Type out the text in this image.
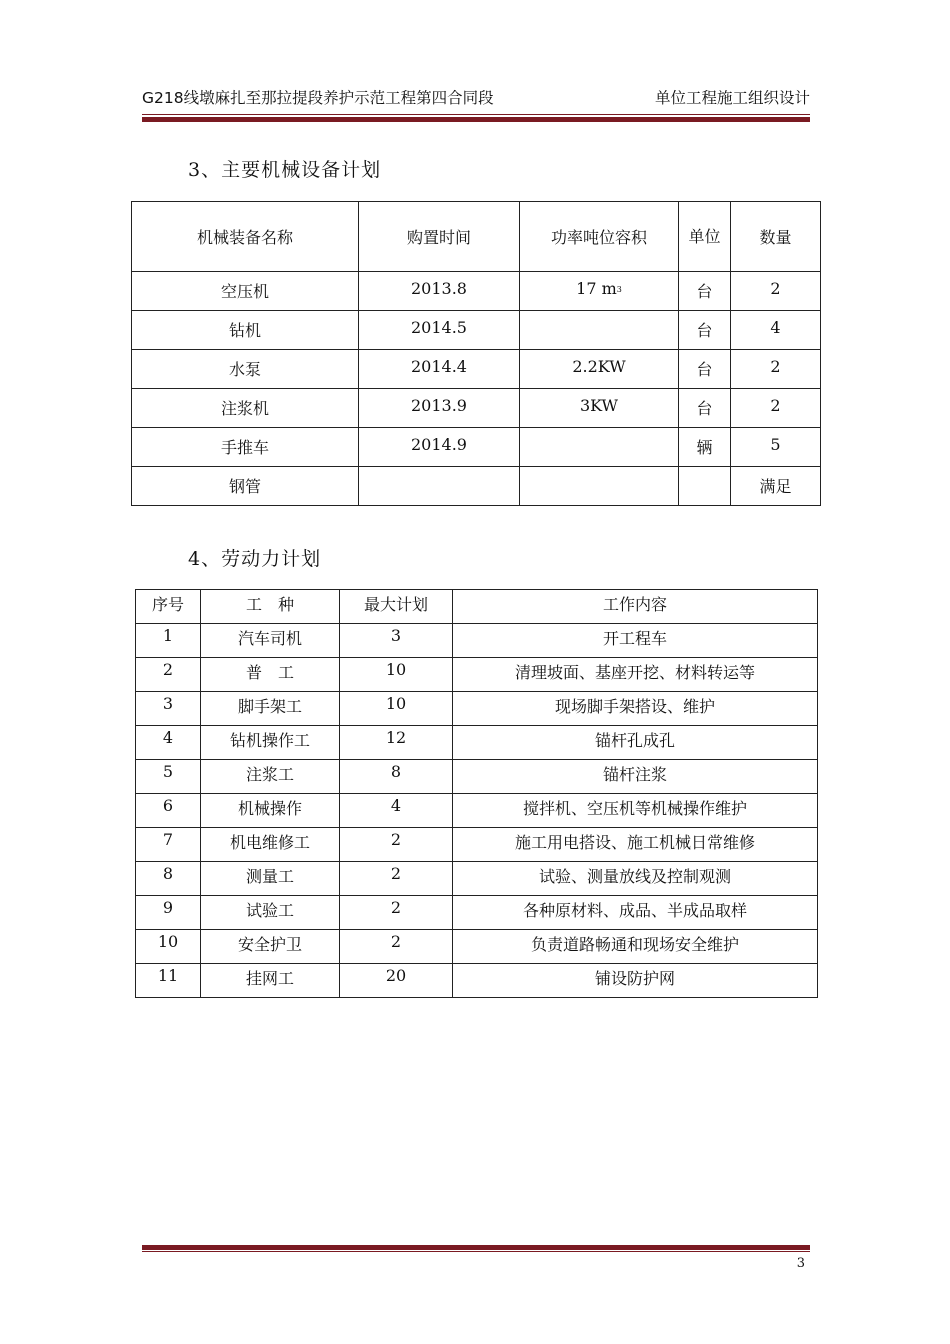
G218线墩麻扎至那拉提段养护示范工程第四合同段	单位工程施工组织设计
3、主要机械设备计划
机械装备名称	购置时间	功率吨位容积	单位	数量
空压机	2013.8	17 $m^3$	台	2
钻机	2014.5		台	4
水泵	2014.4	2.2KW	台	2
注浆机	2013.9	3KW	台	2
手推车	2014.9		辆	5
钢管				满足
4、劳动力计划
序号	工　种	最大计划	工作内容
1	汽车司机	3	开工程车
2	普　工	10	清理坡面、基座开挖、材料转运等
3	脚手架工	10	现场脚手架搭设、维护
4	钻机操作工	12	锚杆孔成孔
5	注浆工	8	锚杆注浆
6	机械操作	4	搅拌机、空压机等机械操作维护
7	机电维修工	2	施工用电搭设、施工机械日常维修
8	测量工	2	试验、测量放线及控制观测
9	试验工	2	各种原材料、成品、半成品取样
10	安全护卫	2	负责道路畅通和现场安全维护
11	挂网工	20	铺设防护网
3
